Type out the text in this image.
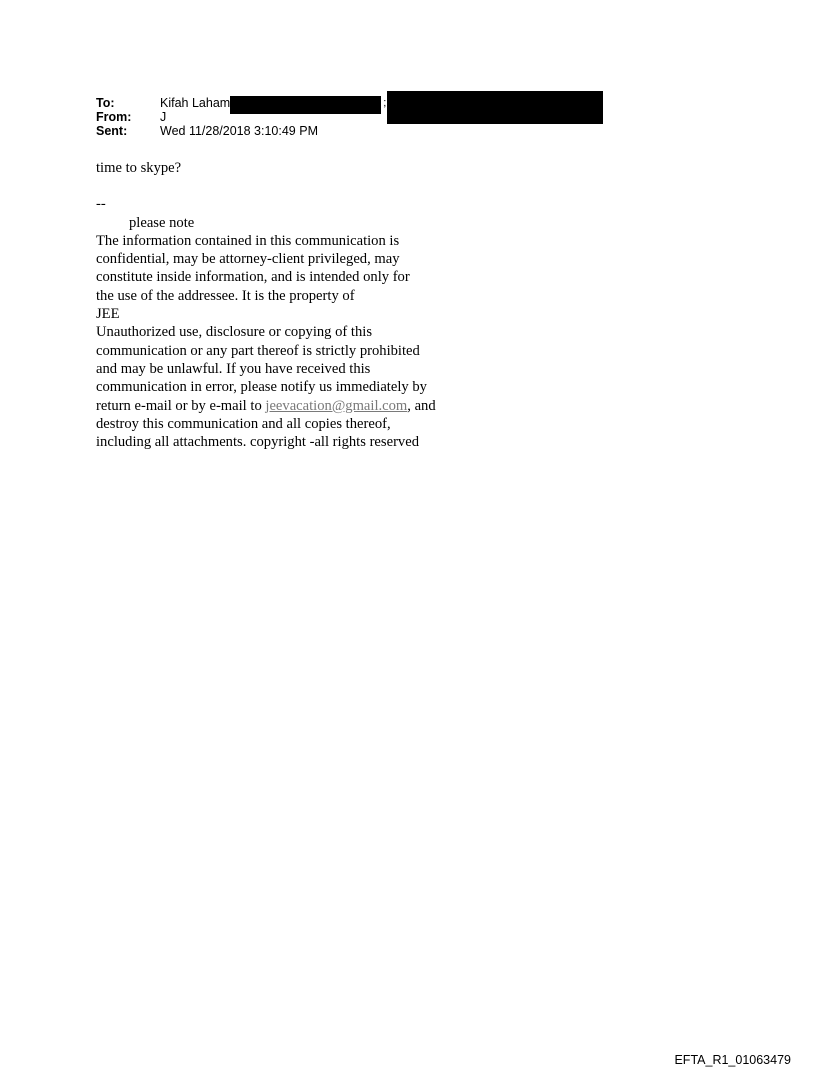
To:	Kifah Laham	;
From:	J
Sent:	Wed 11/28/2018 3:10:49 PM

time to skype?

--

please note

The information contained in this communication is

confidential, may be attorney-client privileged, may

constitute inside information, and is intended only for

the use of the addressee. It is the property of

JEE

Unauthorized use, disclosure or copying of this

communication or any part thereof is strictly prohibited

and may be unlawful. If you have received this

communication in error, please notify us immediately by

return e-mail or by e-mail to jeevacation@gmail.com, and

destroy this communication and all copies thereof,

including all attachments. copyright -all rights reserved

EFTA_R1_01063479
